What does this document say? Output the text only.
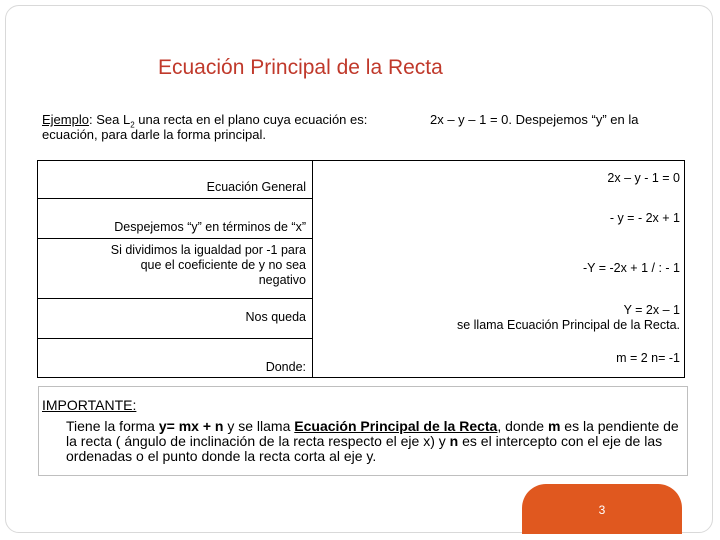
Ecuación Principal de la Recta
Ejemplo: Sea $L_2$ una recta en el plano cuya ecuación es:	2x – y – 1 = 0. Despejemos “y” en la
ecuación, para darle la forma principal.
Ecuación General
2x – y - 1 = 0
Despejemos “y” en términos de “x”
- y = - 2x + 1
Si dividimos la igualdad por -1 para
que el coeficiente de y no sea
negativo
-Y = -2x + 1 / : - 1
Nos queda	Y = 2x – 1
se llama Ecuación Principal de la Recta.
Donde:
m = 2 n= -1
IMPORTANTE:
Tiene la forma y= mx + n y se llama Ecuación Principal de la Recta, donde m es la pendiente de la recta ( ángulo de inclinación de la recta respecto el eje x) y n es el intercepto con el eje de las ordenadas o el punto donde la recta corta al eje y.
3
